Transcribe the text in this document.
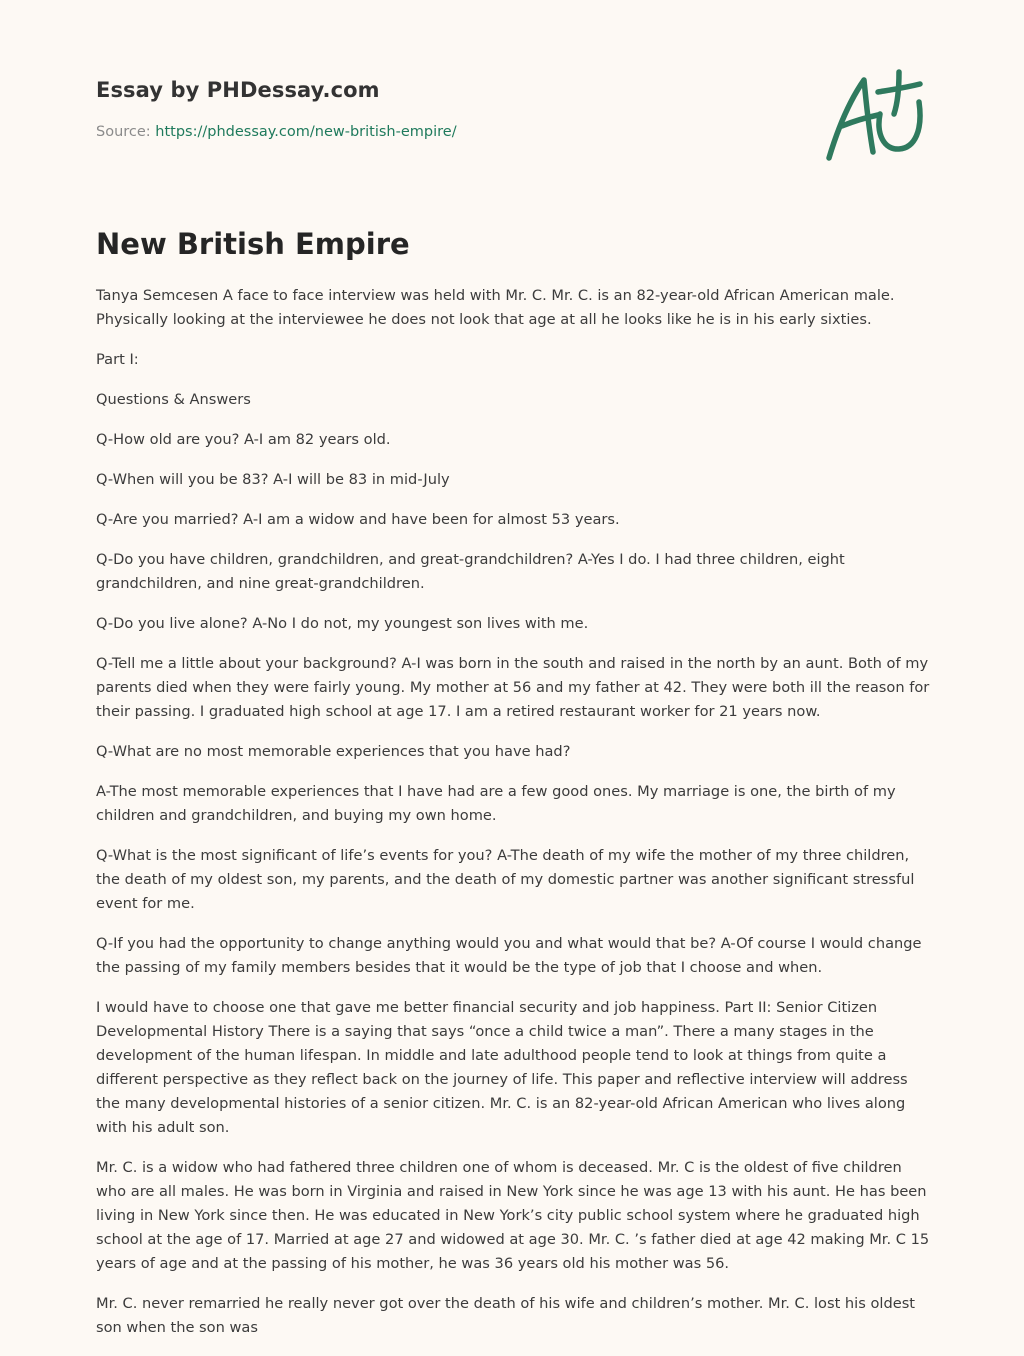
Essay by PHDessay.com

Source: https://phdessay.com/new-british-empire/
New British Empire

Tanya Semcesen A face to face interview was held with Mr. C. Mr. C. is an 82-year-old African American male. Physically looking at the interviewee he does not look that age at all he looks like he is in his early sixties.

Part I:

Questions & Answers

Q-How old are you? A-I am 82 years old.

Q-When will you be 83? A-I will be 83 in mid-July

Q-Are you married? A-I am a widow and have been for almost 53 years.

Q-Do you have children, grandchildren, and great-grandchildren? A-Yes I do. I had three children, eight grandchildren, and nine great-grandchildren.

Q-Do you live alone? A-No I do not, my youngest son lives with me.

Q-Tell me a little about your background? A-I was born in the south and raised in the north by an aunt. Both of my parents died when they were fairly young. My mother at 56 and my father at 42. They were both ill the reason for their passing. I graduated high school at age 17. I am a retired restaurant worker for 21 years now.

Q-What are no most memorable experiences that you have had?

A-The most memorable experiences that I have had are a few good ones. My marriage is one, the birth of my children and grandchildren, and buying my own home.

Q-What is the most significant of life’s events for you? A-The death of my wife the mother of my three children, the death of my oldest son, my parents, and the death of my domestic partner was another significant stressful event for me.

Q-If you had the opportunity to change anything would you and what would that be? A-Of course I would change the passing of my family members besides that it would be the type of job that I choose and when.

I would have to choose one that gave me better financial security and job happiness. Part II: Senior Citizen Developmental History There is a saying that says “once a child twice a man”. There a many stages in the development of the human lifespan. In middle and late adulthood people tend to look at things from quite a different perspective as they reflect back on the journey of life. This paper and reflective interview will address the many developmental histories of a senior citizen. Mr. C. is an 82-year-old African American who lives along with his adult son.

Mr. C. is a widow who had fathered three children one of whom is deceased. Mr. C is the oldest of five children who are all males. He was born in Virginia and raised in New York since he was age 13 with his aunt. He has been living in New York since then. He was educated in New York’s city public school system where he graduated high school at the age of 17. Married at age 27 and widowed at age 30. Mr. C. ’s father died at age 42 making Mr. C 15 years of age and at the passing of his mother, he was 36 years old his mother was 56.

Mr. C. never remarried he really never got over the death of his wife and children’s mother. Mr. C. lost his oldest son when the son was
